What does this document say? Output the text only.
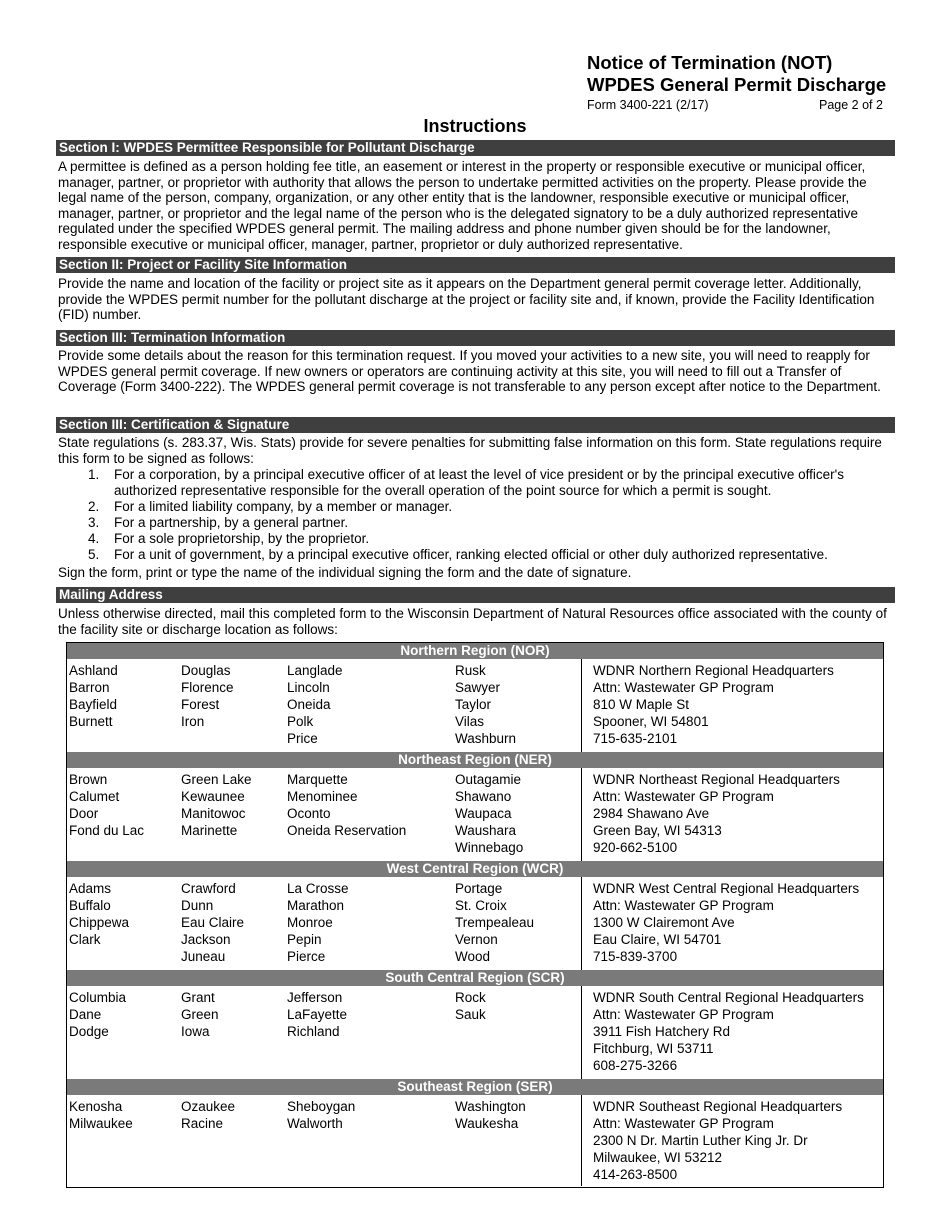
Notice of Termination (NOT)
WPDES General Permit Discharge
Form 3400-221 (2/17)	Page 2 of 2
Instructions
Section I: WPDES Permittee Responsible for Pollutant Discharge

A permittee is defined as a person holding fee title, an easement or interest in the property or responsible executive or municipal officer, manager, partner, or proprietor with authority that allows the person to undertake permitted activities on the property. Please provide the legal name of the person, company, organization, or any other entity that is the landowner, responsible executive or municipal officer, manager, partner, or proprietor and the legal name of the person who is the delegated signatory to be a duly authorized representative regulated under the specified WPDES general permit. The mailing address and phone number given should be for the landowner, responsible executive or municipal officer, manager, partner, proprietor or duly authorized representative.

Section II: Project or Facility Site Information

Provide the name and location of the facility or project site as it appears on the Department general permit coverage letter. Additionally, provide the WPDES permit number for the pollutant discharge at the project or facility site and, if known, provide the Facility Identification (FID) number.

Section III: Termination Information

Provide some details about the reason for this termination request. If you moved your activities to a new site, you will need to reapply for WPDES general permit coverage. If new owners or operators are continuing activity at this site, you will need to fill out a Transfer of Coverage (Form 3400-222). The WPDES general permit coverage is not transferable to any person except after notice to the Department.

Section III: Certification & Signature

State regulations (s. 283.37, Wis. Stats) provide for severe penalties for submitting false information on this form. State regulations require this form to be signed as follows:

1. For a corporation, by a principal executive officer of at least the level of vice president or by the principal executive officer's authorized representative responsible for the overall operation of the point source for which a permit is sought.
2. For a limited liability company, by a member or manager.
3. For a partnership, by a general partner.
4. For a sole proprietorship, by the proprietor.
5. For a unit of government, by a principal executive officer, ranking elected official or other duly authorized representative.

Sign the form, print or type the name of the individual signing the form and the date of signature.

Mailing Address

Unless otherwise directed, mail this completed form to the Wisconsin Department of Natural Resources office associated with the county of the facility site or discharge location as follows:

Northern Region (NOR)
Ashland
Barron
Bayfield
Burnett
Douglas
Florence
Forest
Iron
Langlade
Lincoln
Oneida
Polk
Price
Rusk
Sawyer
Taylor
Vilas
Washburn
WDNR Northern Regional Headquarters
Attn: Wastewater GP Program
810 W Maple St
Spooner, WI 54801
715-635-2101
Northeast Region (NER)
Brown
Calumet
Door
Fond du Lac
Green Lake
Kewaunee
Manitowoc
Marinette
Marquette
Menominee
Oconto
Oneida Reservation
Outagamie
Shawano
Waupaca
Waushara
Winnebago
WDNR Northeast Regional Headquarters
Attn: Wastewater GP Program
2984 Shawano Ave
Green Bay, WI 54313
920-662-5100
West Central Region (WCR)
Adams
Buffalo
Chippewa
Clark
Crawford
Dunn
Eau Claire
Jackson
Juneau
La Crosse
Marathon
Monroe
Pepin
Pierce
Portage
St. Croix
Trempealeau
Vernon
Wood
WDNR West Central Regional Headquarters
Attn: Wastewater GP Program
1300 W Clairemont Ave
Eau Claire, WI 54701
715-839-3700
South Central Region (SCR)
Columbia
Dane
Dodge
Grant
Green
Iowa
Jefferson
LaFayette
Richland
Rock
Sauk
WDNR South Central Regional Headquarters
Attn: Wastewater GP Program
3911 Fish Hatchery Rd
Fitchburg, WI 53711
608-275-3266
Southeast Region (SER)
Kenosha
Milwaukee
Ozaukee
Racine
Sheboygan
Walworth
Washington
Waukesha
WDNR Southeast Regional Headquarters
Attn: Wastewater GP Program
2300 N Dr. Martin Luther King Jr. Dr
Milwaukee, WI 53212
414-263-8500
